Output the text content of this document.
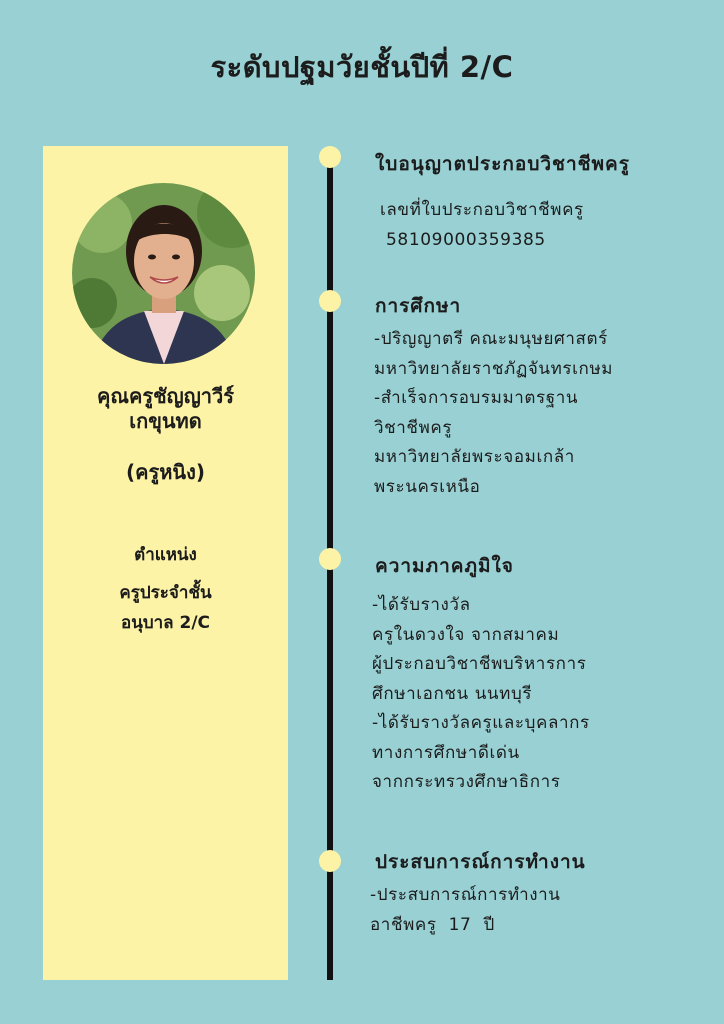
ระดับปฐมวัยชั้นปีที่ 2/C
คุณครูชัญญาวีร์
เกขุนทด
(ครูหนิง)
ตำแหน่ง
ครูประจำชั้น
อนุบาล 2/C
ใบอนุญาตประกอบวิชาชีพครู
เลขที่ใบประกอบวิชาชีพครู
58109000359385
การศึกษา
-ปริญญาตรี คณะมนุษยศาสตร์
มหาวิทยาลัยราชภัฏจันทรเกษม
-สำเร็จการอบรมมาตรฐาน
วิชาชีพครู
มหาวิทยาลัยพระจอมเกล้า
พระนครเหนือ
ความภาคภูมิใจ
-ได้รับรางวัล
ครูในดวงใจ จากสมาคม
ผู้ประกอบวิชาชีพบริหารการ
ศึกษาเอกชน นนทบุรี
-ได้รับรางวัลครูและบุคลากร
ทางการศึกษาดีเด่น
จากกระทรวงศึกษาธิการ
ประสบการณ์การทำงาน
-ประสบการณ์การทำงาน
อาชีพครู  17  ปี
